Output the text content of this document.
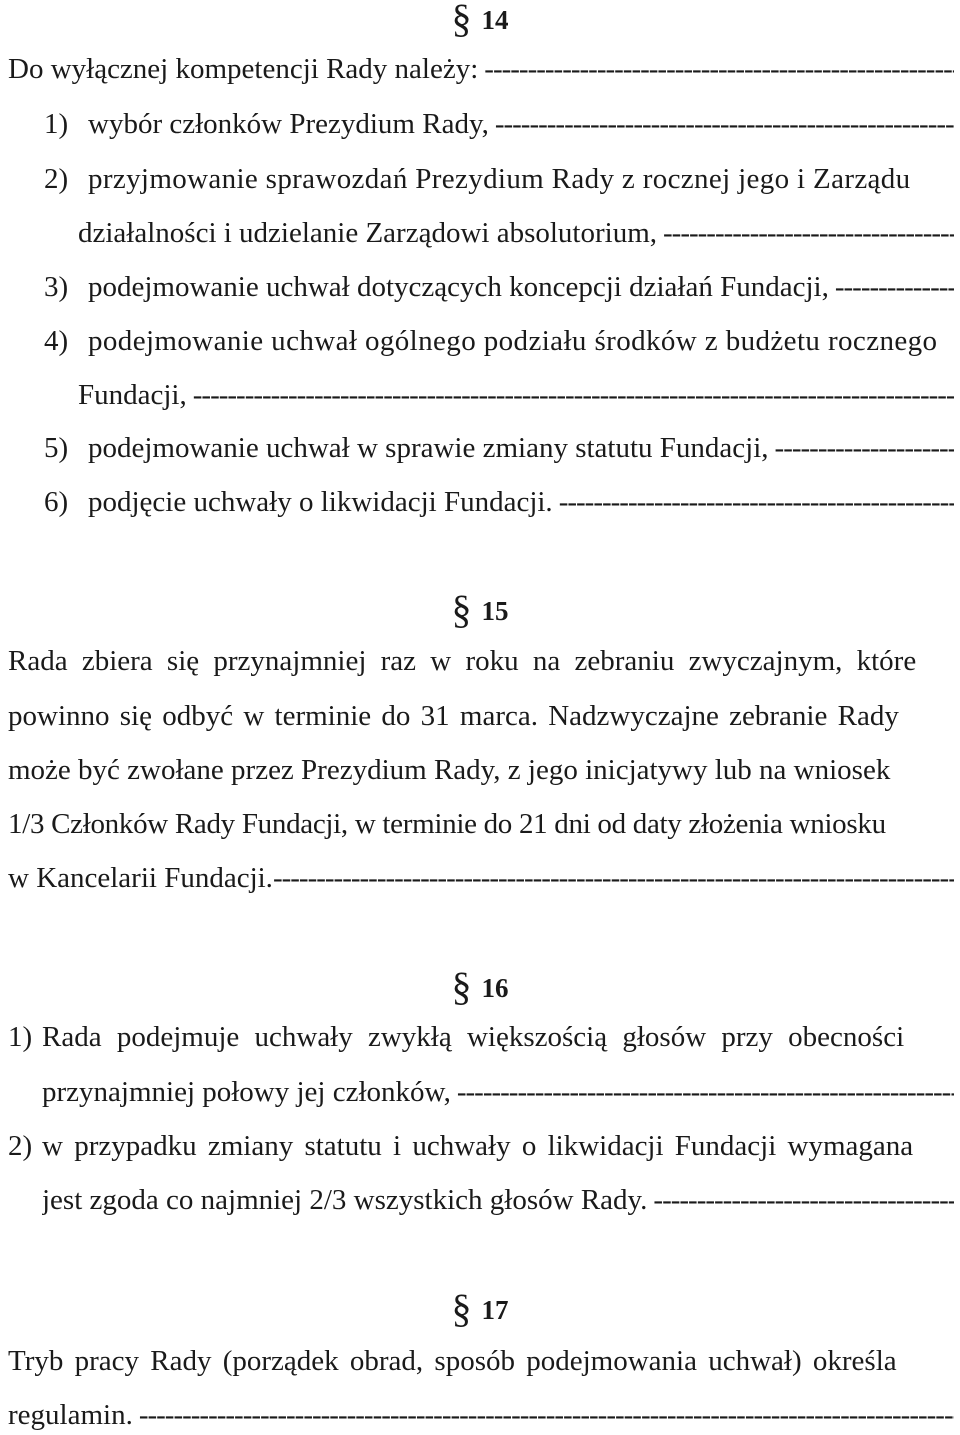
§ 14
Do wyłącznej kompetencji Rady należy:
-----
1) wybór członków Prezydium Rady,
-----
2) przyjmowanie sprawozdań Prezydium Rady z rocznej jego i Zarządu
działalności i udzielanie Zarządowi absolutorium,
-----
3) podejmowanie uchwał dotyczących koncepcji działań Fundacji,
-----
4) podejmowanie uchwał ogólnego podziału środków z budżetu rocznego
Fundacji,
-----
5) podejmowanie uchwał w sprawie zmiany statutu Fundacji,
-----
6) podjęcie uchwały o likwidacji Fundacji.
-----
§ 15
Rada zbiera się przynajmniej raz w roku na zebraniu zwyczajnym, które
powinno się odbyć w terminie do 31 marca. Nadzwyczajne zebranie Rady
może być zwołane przez Prezydium Rady, z jego inicjatywy lub na wniosek
1/3 Członków Rady Fundacji, w terminie do 21 dni od daty złożenia wniosku
w Kancelarii Fundacji.
-----
§ 16
1) Rada podejmuje uchwały zwykłą większością głosów przy obecności
przynajmniej połowy jej członków,
-----
2) w przypadku zmiany statutu i uchwały o likwidacji Fundacji wymagana
jest zgoda co najmniej 2/3 wszystkich głosów Rady.
-----
§ 17
Tryb pracy Rady (porządek obrad, sposób podejmowania uchwał) określa
regulamin.
-----
